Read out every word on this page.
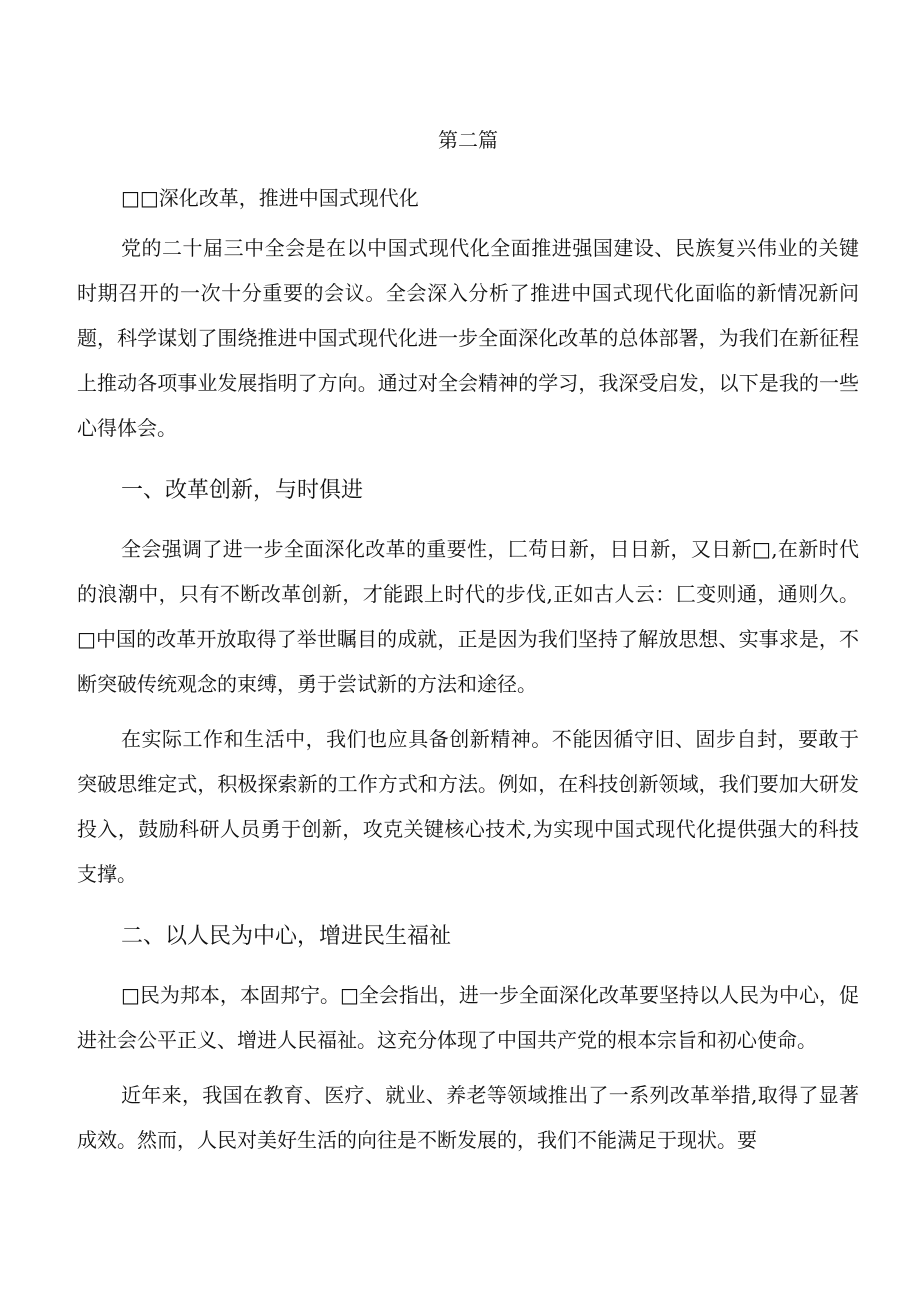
第二篇
□□深化改革，推进中国式现代化

党的二十届三中全会是在以中国式现代化全面推进强国建设、民族复兴伟业的关键时期召开的一次十分重要的会议。全会深入分析了推进中国式现代化面临的新情况新问题，科学谋划了围绕推进中国式现代化进一步全面深化改革的总体部署，为我们在新征程上推动各项事业发展指明了方向。通过对全会精神的学习，我深受启发，以下是我的一些心得体会。

一、改革创新，与时俱进

全会强调了进一步全面深化改革的重要性，匚苟日新，日日新，又日新□,在新时代的浪潮中，只有不断改革创新，才能跟上时代的步伐,正如古人云：匚变则通，通则久。□中国的改革开放取得了举世瞩目的成就，正是因为我们坚持了解放思想、实事求是，不断突破传统观念的束缚，勇于尝试新的方法和途径。

在实际工作和生活中，我们也应具备创新精神。不能因循守旧、固步自封，要敢于突破思维定式，积极探索新的工作方式和方法。例如，在科技创新领域，我们要加大研发投入，鼓励科研人员勇于创新，攻克关键核心技术,为实现中国式现代化提供强大的科技支撑。

二、以人民为中心，增进民生福祉

□民为邦本，本固邦宁。□全会指出，进一步全面深化改革要坚持以人民为中心，促进社会公平正义、增进人民福祉。这充分体现了中国共产党的根本宗旨和初心使命。

近年来，我国在教育、医疗、就业、养老等领域推出了一系列改革举措,取得了显著成效。然而，人民对美好生活的向往是不断发展的，我们不能满足于现状。要
